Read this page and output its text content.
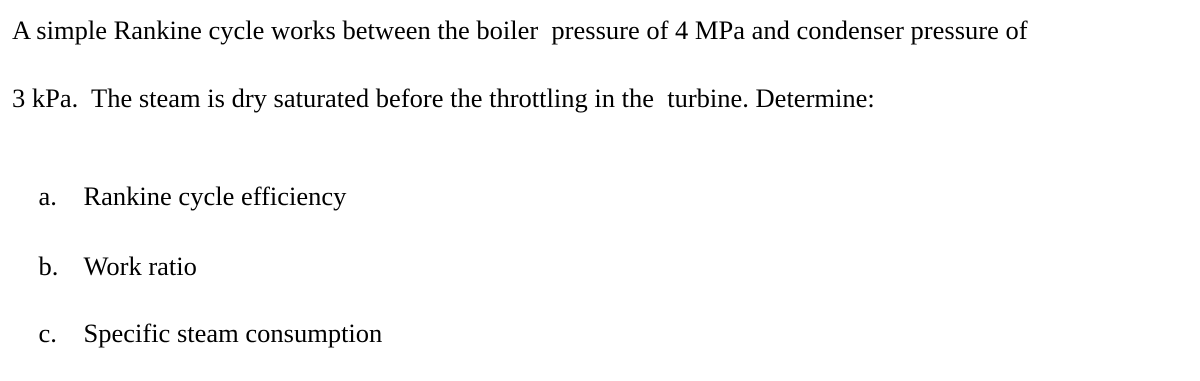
A simple Rankine cycle works between the boiler  pressure of 4 MPa and condenser pressure of
3 kPa.  The steam is dry saturated before the throttling in the  turbine. Determine:

a. Rankine cycle efficiency

b. Work ratio

c. Specific steam consumption
